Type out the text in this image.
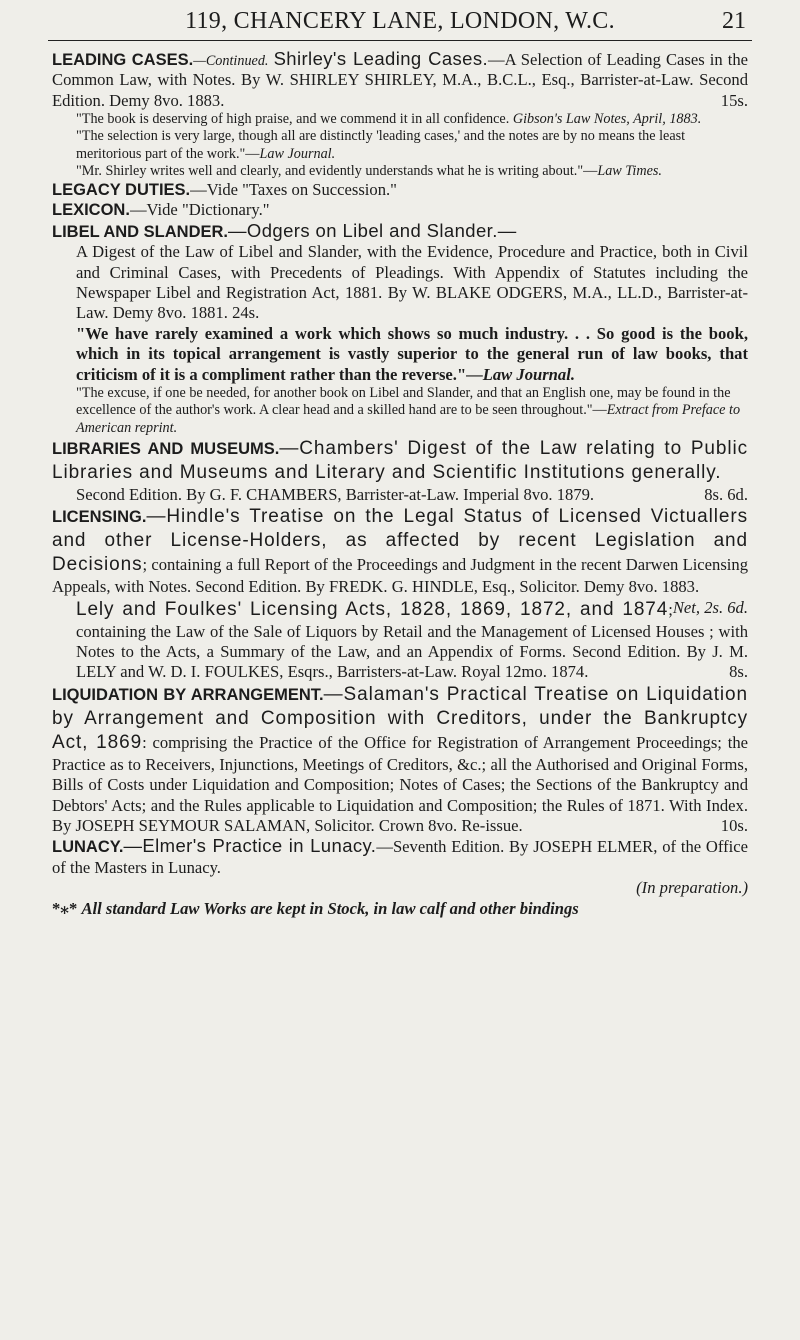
119, CHANCERY LANE, LONDON, W.C.	21

LEADING CASES.—Continued. Shirley's Leading Cases.—A Selection of Leading Cases in the Common Law, with Notes. By W. SHIRLEY SHIRLEY, M.A., B.C.L., Esq., Barrister-at-Law. Second Edition. Demy 8vo. 1883.	15s.

"The book is deserving of high praise, and we commend it in all confidence. Gibson's Law Notes, April, 1883.

"The selection is very large, though all are distinctly 'leading cases,' and the notes are by no means the least meritorious part of the work."—Law Journal.

"Mr. Shirley writes well and clearly, and evidently understands what he is writing about."—Law Times.

LEGACY DUTIES.—Vide "Taxes on Succession."

LEXICON.—Vide "Dictionary."

LIBEL AND SLANDER.—Odgers on Libel and Slander.—

A Digest of the Law of Libel and Slander, with the Evidence, Procedure and Practice, both in Civil and Criminal Cases, with Precedents of Pleadings. With Appendix of Statutes including the Newspaper Libel and Registration Act, 1881. By W. BLAKE ODGERS, M.A., LL.D., Barrister-at-Law. Demy 8vo. 1881. 24s.

"We have rarely examined a work which shows so much industry. . . So good is the book, which in its topical arrangement is vastly superior to the general run of law books, that criticism of it is a compliment rather than the reverse."—Law Journal.

"The excuse, if one be needed, for another book on Libel and Slander, and that an English one, may be found in the excellence of the author's work. A clear head and a skilled hand are to be seen throughout."—Extract from Preface to American reprint.

LIBRARIES AND MUSEUMS.—Chambers' Digest of the Law relating to Public Libraries and Museums and Literary and Scientific Institutions generally.

Second Edition. By G. F. CHAMBERS, Barrister-at-Law. Imperial 8vo. 1879.	8s. 6d.

LICENSING.—Hindle's Treatise on the Legal Status of Licensed Victuallers and other License-Holders, as affected by recent Legislation and Decisions; containing a full Report of the Proceedings and Judgment in the recent Darwen Licensing Appeals, with Notes. Second Edition. By FREDK. G. HINDLE, Esq., Solicitor. Demy 8vo. 1883.
Net, 2s. 6d.

Lely and Foulkes' Licensing Acts, 1828, 1869, 1872, and 1874; containing the Law of the Sale of Liquors by Retail and the Management of Licensed Houses ; with Notes to the Acts, a Summary of the Law, and an Appendix of Forms. Second Edition. By J. M. LELY and W. D. I. FOULKES, Esqrs., Barristers-at-Law. Royal 12mo. 1874.	8s.

LIQUIDATION BY ARRANGEMENT.—Salaman's Practical Treatise on Liquidation by Arrangement and Composition with Creditors, under the Bankruptcy Act, 1869: comprising the Practice of the Office for Registration of Arrangement Proceedings; the Practice as to Receivers, Injunctions, Meetings of Creditors, &c.; all the Authorised and Original Forms, Bills of Costs under Liquidation and Composition; Notes of Cases; the Sections of the Bankruptcy and Debtors' Acts; and the Rules applicable to Liquidation and Composition; the Rules of 1871. With Index. By JOSEPH SEYMOUR SALAMAN, Solicitor. Crown 8vo. Re-issue.	10s.

LUNACY.—Elmer's Practice in Lunacy.—Seventh Edition. By JOSEPH ELMER, of the Office of the Masters in Lunacy.

(In preparation.)

*⁎* All standard Law Works are kept in Stock, in law calf and other bindings
